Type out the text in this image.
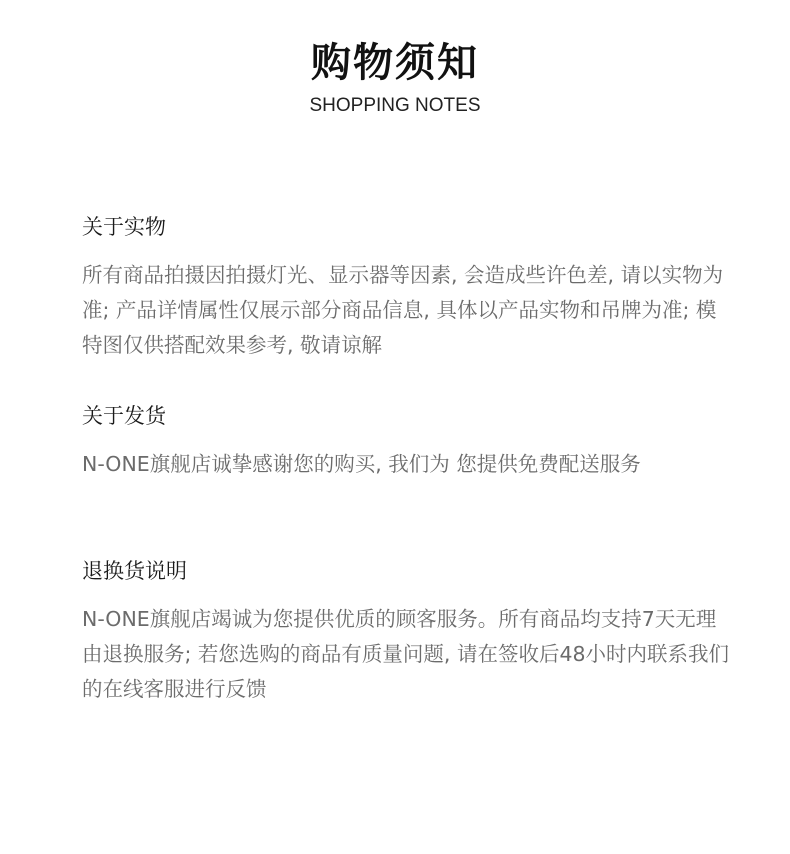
购物须知
SHOPPING NOTES
关于实物
所有商品拍摄因拍摄灯光、显示器等因素, 会造成些许色差, 请以实物为准; 产品详情属性仅展示部分商品信息, 具体以产品实物和吊牌为准; 模特图仅供搭配效果参考, 敬请谅解
关于发货
N-ONE旗舰店诚挚感谢您的购买, 我们为 您提供免费配送服务
退换货说明
N-ONE旗舰店竭诚为您提供优质的顾客服务。所有商品均支持7天无理由退换服务; 若您选购的商品有质量问题, 请在签收后48小时内联系我们的在线客服进行反馈
